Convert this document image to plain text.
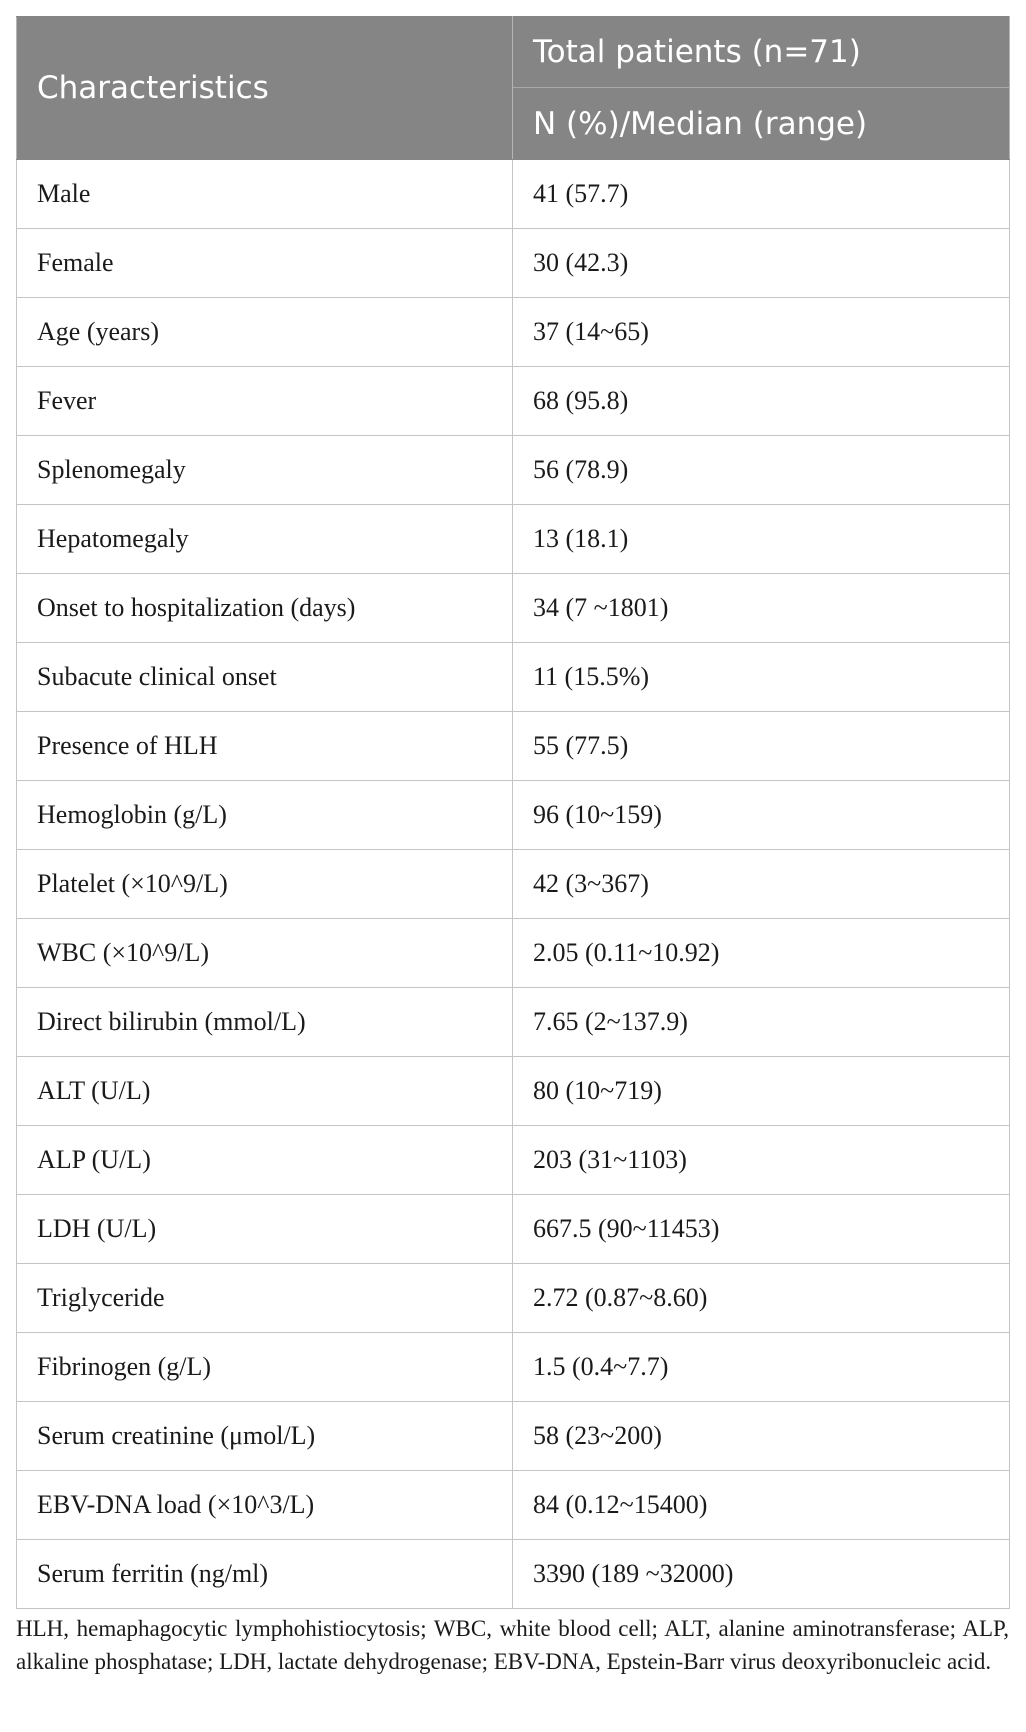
Characteristics	Total patients (n=71)
	N (%)/Median (range)
Male	41 (57.7)
Female	30 (42.3)
Age (years)	37 (14~65)
Fever	68 (95.8)
Splenomegaly	56 (78.9)
Hepatomegaly	13 (18.1)
Onset to hospitalization (days)	34 (7 ~1801)
Subacute clinical onset	11 (15.5%)
Presence of HLH	55 (77.5)
Hemoglobin (g/L)	96 (10~159)
Platelet (×10^9/L)	42 (3~367)
WBC (×10^9/L)	2.05 (0.11~10.92)
Direct bilirubin (mmol/L)	7.65 (2~137.9)
ALT (U/L)	80 (10~719)
ALP (U/L)	203 (31~1103)
LDH (U/L)	667.5 (90~11453)
Triglyceride	2.72 (0.87~8.60)
Fibrinogen (g/L)	1.5 (0.4~7.7)
Serum creatinine (μmol/L)	58 (23~200)
EBV-DNA load (×10^3/L)	84 (0.12~15400)
Serum ferritin (ng/ml)	3390 (189 ~32000)

HLH, hemaphagocytic lymphohistiocytosis; WBC, white blood cell; ALT, alanine aminotransferase; ALP, alkaline phosphatase; LDH, lactate dehydrogenase; EBV-DNA, Epstein-Barr virus deoxyribonucleic acid.
